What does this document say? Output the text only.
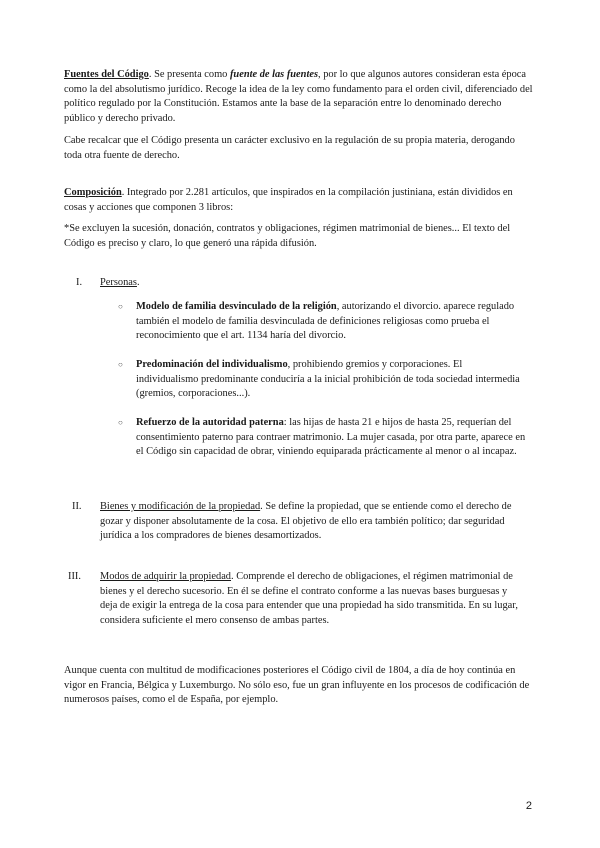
Fuentes del Código. Se presenta como fuente de las fuentes, por lo que algunos autores consideran esta época como la del absolutismo jurídico. Recoge la idea de la ley como fundamento para el orden civil, diferenciado del político regulado por la Constitución. Estamos ante la base de la separación entre lo denominado derecho público y derecho privado.

Cabe recalcar que el Código presenta un carácter exclusivo en la regulación de su propia materia, derogando toda otra fuente de derecho.

Composición. Integrado por 2.281 artículos, que inspirados en la compilación justiniana, están divididos en cosas y acciones que componen 3 libros:

*Se excluyen la sucesión, donación, contratos y obligaciones, régimen matrimonial de bienes... El texto del Código es preciso y claro, lo que generó una rápida difusión.

I.	Personas.

○ Modelo de familia desvinculado de la religión, autorizando el divorcio. aparece regulado también el modelo de familia desvinculada de definiciones religiosas como prueba el reconocimiento que el art. 1134 haría del divorcio.

○ Predominación del individualismo, prohibiendo gremios y corporaciones. El individualismo predominante conduciría a la inicial prohibición de toda sociedad intermedia (gremios, corporaciones...).

○ Refuerzo de la autoridad paterna: las hijas de hasta 21 e hijos de hasta 25, requerían del consentimiento paterno para contraer matrimonio. La mujer casada, por otra parte, aparece en el Código sin capacidad de obrar, viniendo equiparada prácticamente al menor o al incapaz.

II.	Bienes y modificación de la propiedad. Se define la propiedad, que se entiende como el derecho de gozar y disponer absolutamente de la cosa. El objetivo de ello era también político; dar seguridad jurídica a los compradores de bienes desamortizados.

III.	Modos de adquirir la propiedad. Comprende el derecho de obligaciones, el régimen matrimonial de bienes y el derecho sucesorio. En él se define el contrato conforme a las nuevas bases burguesas y deja de exigir la entrega de la cosa para entender que una propiedad ha sido transmitida. En su lugar, considera suficiente el mero consenso de ambas partes.

Aunque cuenta con multitud de modificaciones posteriores el Código civil de 1804, a día de hoy continúa en vigor en Francia, Bélgica y Luxemburgo. No sólo eso, fue un gran influyente en los procesos de codificación de numerosos países, como el de España, por ejemplo.

2
